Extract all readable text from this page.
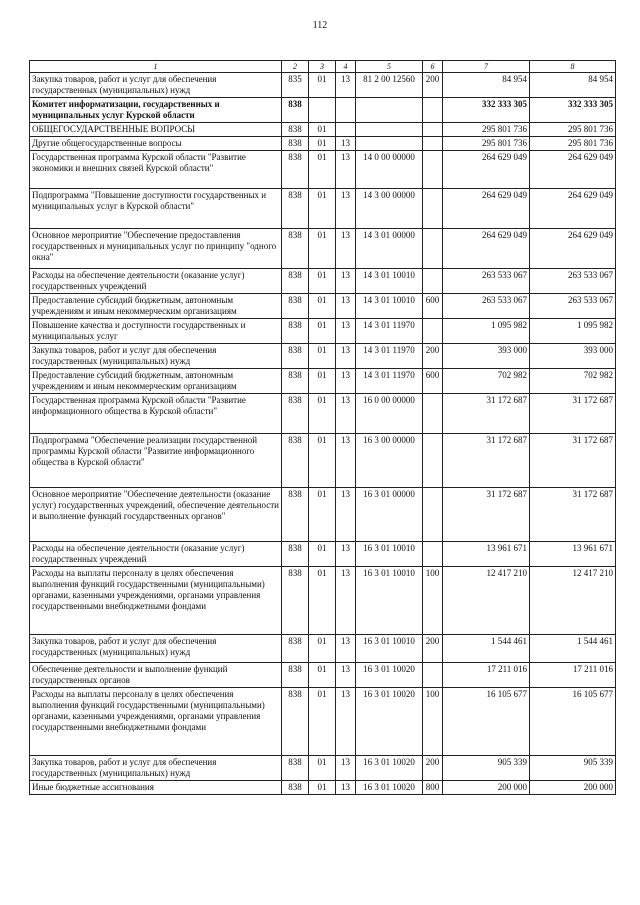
112
1	2	3	4	5	6	7	8
Закупка товаров, работ и услуг для обеспечения государственных (муниципальных) нужд	835	01	13	81 2 00 12560	200	84 954	84 954
Комитет информатизации, государственных и муниципальных услуг Курской области	838					332 333 305	332 333 305
ОБЩЕГОСУДАРСТВЕННЫЕ ВОПРОСЫ	838	01				295 801 736	295 801 736
Другие общегосударственные вопросы	838	01	13			295 801 736	295 801 736
Государственная программа Курской области "Развитие экономики и внешних связей Курской области"	838	01	13	14 0 00 00000		264 629 049	264 629 049
Подпрограмма "Повышение доступности государственных и муниципальных услуг в Курской области"	838	01	13	14 3 00 00000		264 629 049	264 629 049
Основное мероприятие "Обеспечение предоставления государственных и муниципальных услуг по принципу "одного окна"	838	01	13	14 3 01 00000		264 629 049	264 629 049
Расходы на обеспечение деятельности (оказание услуг) государственных учреждений	838	01	13	14 3 01 10010		263 533 067	263 533 067
Предоставление субсидий бюджетным, автономным учреждениям и иным некоммерческим организациям	838	01	13	14 3 01 10010	600	263 533 067	263 533 067
Повышение качества и доступности государственных и муниципальных услуг	838	01	13	14 3 01 11970		1 095 982	1 095 982
Закупка товаров, работ и услуг для обеспечения государственных (муниципальных) нужд	838	01	13	14 3 01 11970	200	393 000	393 000
Предоставление субсидий бюджетным, автономным учреждениям и иным некоммерческим организациям	838	01	13	14 3 01 11970	600	702 982	702 982
Государственная программа Курской области "Развитие информационного общества в Курской области"	838	01	13	16 0 00 00000		31 172 687	31 172 687
Подпрограмма "Обеспечение реализации государственной программы Курской области "Развитие информационного общества в Курской области"	838	01	13	16 3 00 00000		31 172 687	31 172 687
Основное мероприятие "Обеспечение деятельности (оказание услуг) государственных учреждений, обеспечение деятельности и выполнение функций государственных органов"	838	01	13	16 3 01 00000		31 172 687	31 172 687
Расходы на обеспечение деятельности (оказание услуг) государственных учреждений	838	01	13	16 3 01 10010		13 961 671	13 961 671
Расходы на выплаты персоналу в целях обеспечения выполнения функций государственными (муниципальными) органами, казенными учреждениями, органами управления государственными внебюджетными фондами	838	01	13	16 3 01 10010	100	12 417 210	12 417 210
Закупка товаров, работ и услуг для обеспечения государственных (муниципальных) нужд	838	01	13	16 3 01 10010	200	1 544 461	1 544 461
Обеспечение деятельности и выполнение функций государственных органов	838	01	13	16 3 01 10020		17 211 016	17 211 016
Расходы на выплаты персоналу в целях обеспечения выполнения функций государственными (муниципальными) органами, казенными учреждениями, органами управления государственными внебюджетными фондами	838	01	13	16 3 01 10020	100	16 105 677	16 105 677
Закупка товаров, работ и услуг для обеспечения государственных (муниципальных) нужд	838	01	13	16 3 01 10020	200	905 339	905 339
Иные бюджетные ассигнования	838	01	13	16 3 01 10020	800	200 000	200 000
